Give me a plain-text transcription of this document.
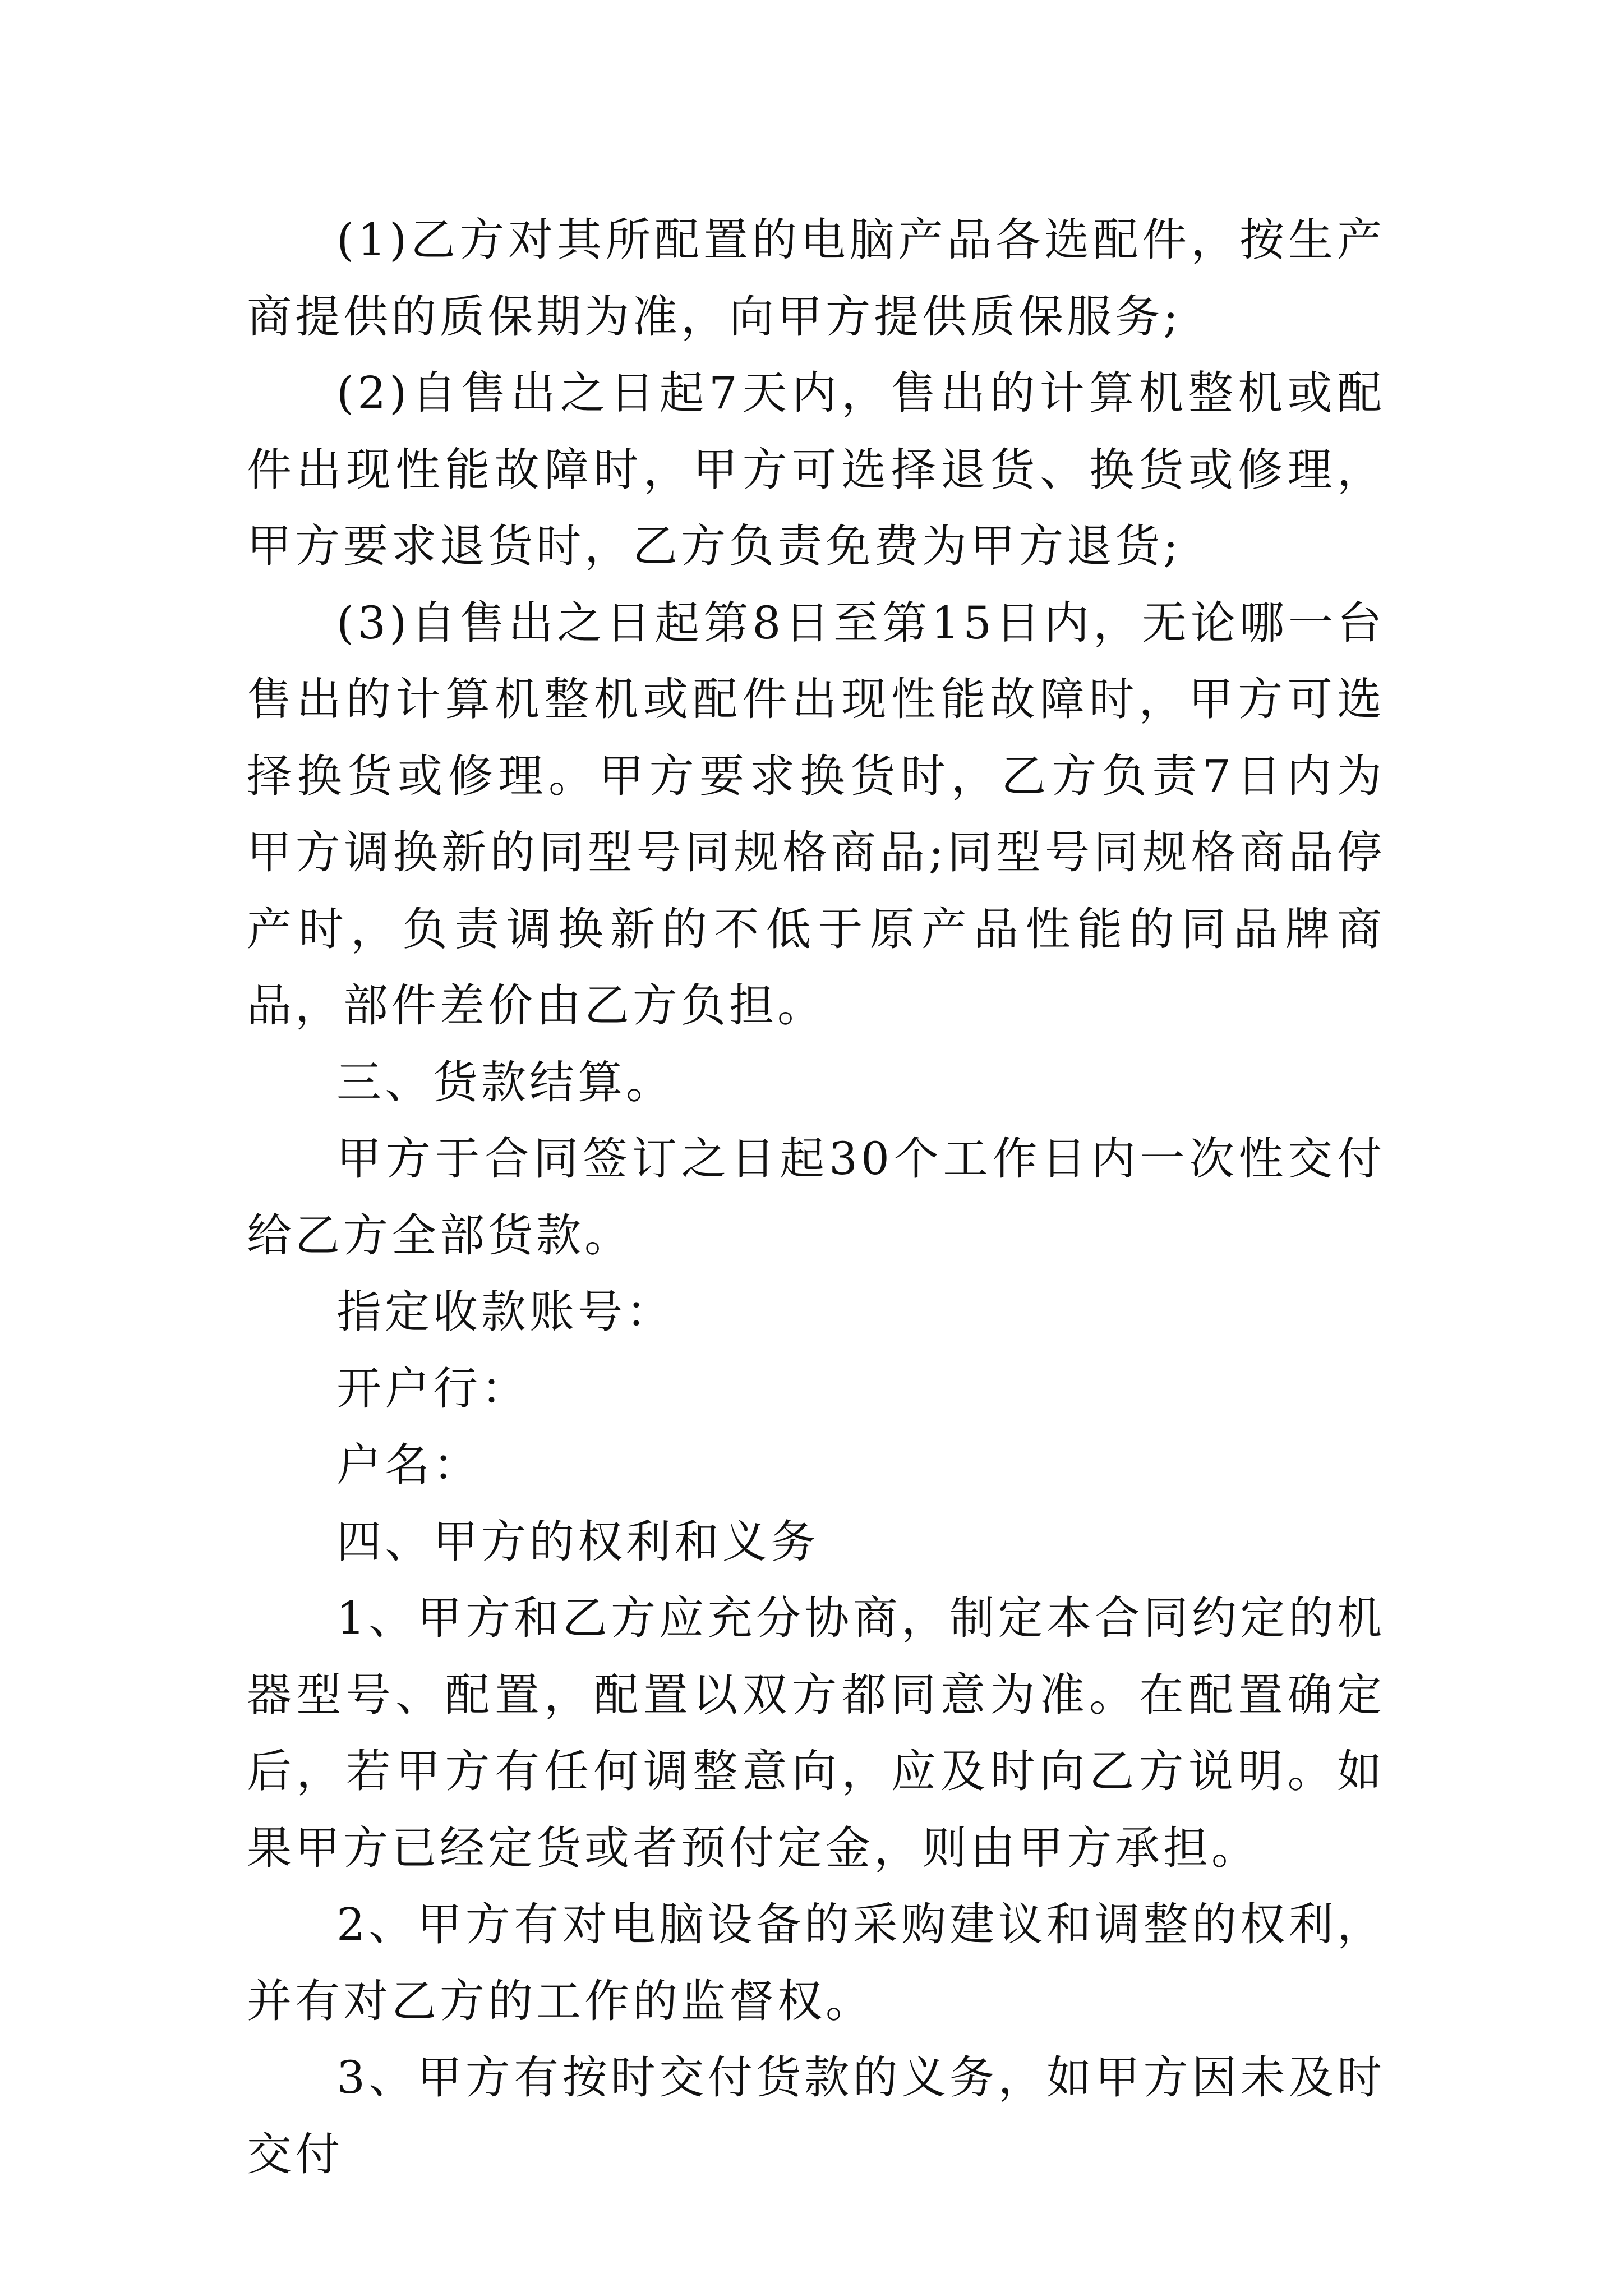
(1)乙方对其所配置的电脑产品各选配件，按生产商提供的质保期为准，向甲方提供质保服务;

(2)自售出之日起7天内，售出的计算机整机或配件出现性能故障时，甲方可选择退货、换货或修理，甲方要求退货时，乙方负责免费为甲方退货;

(3)自售出之日起第8日至第15日内，无论哪一台售出的计算机整机或配件出现性能故障时，甲方可选择换货或修理。甲方要求换货时，乙方负责7日内为甲方调换新的同型号同规格商品;同型号同规格商品停产时，负责调换新的不低于原产品性能的同品牌商品，部件差价由乙方负担。

三、货款结算。

甲方于合同签订之日起30个工作日内一次性交付给乙方全部货款。

指定收款账号：

开户行：

户名：

四、甲方的权利和义务

1、甲方和乙方应充分协商，制定本合同约定的机器型号、配置，配置以双方都同意为准。在配置确定后，若甲方有任何调整意向，应及时向乙方说明。如果甲方已经定货或者预付定金，则由甲方承担。

2、甲方有对电脑设备的采购建议和调整的权利，并有对乙方的工作的监督权。

3、甲方有按时交付货款的义务，如甲方因未及时交付
